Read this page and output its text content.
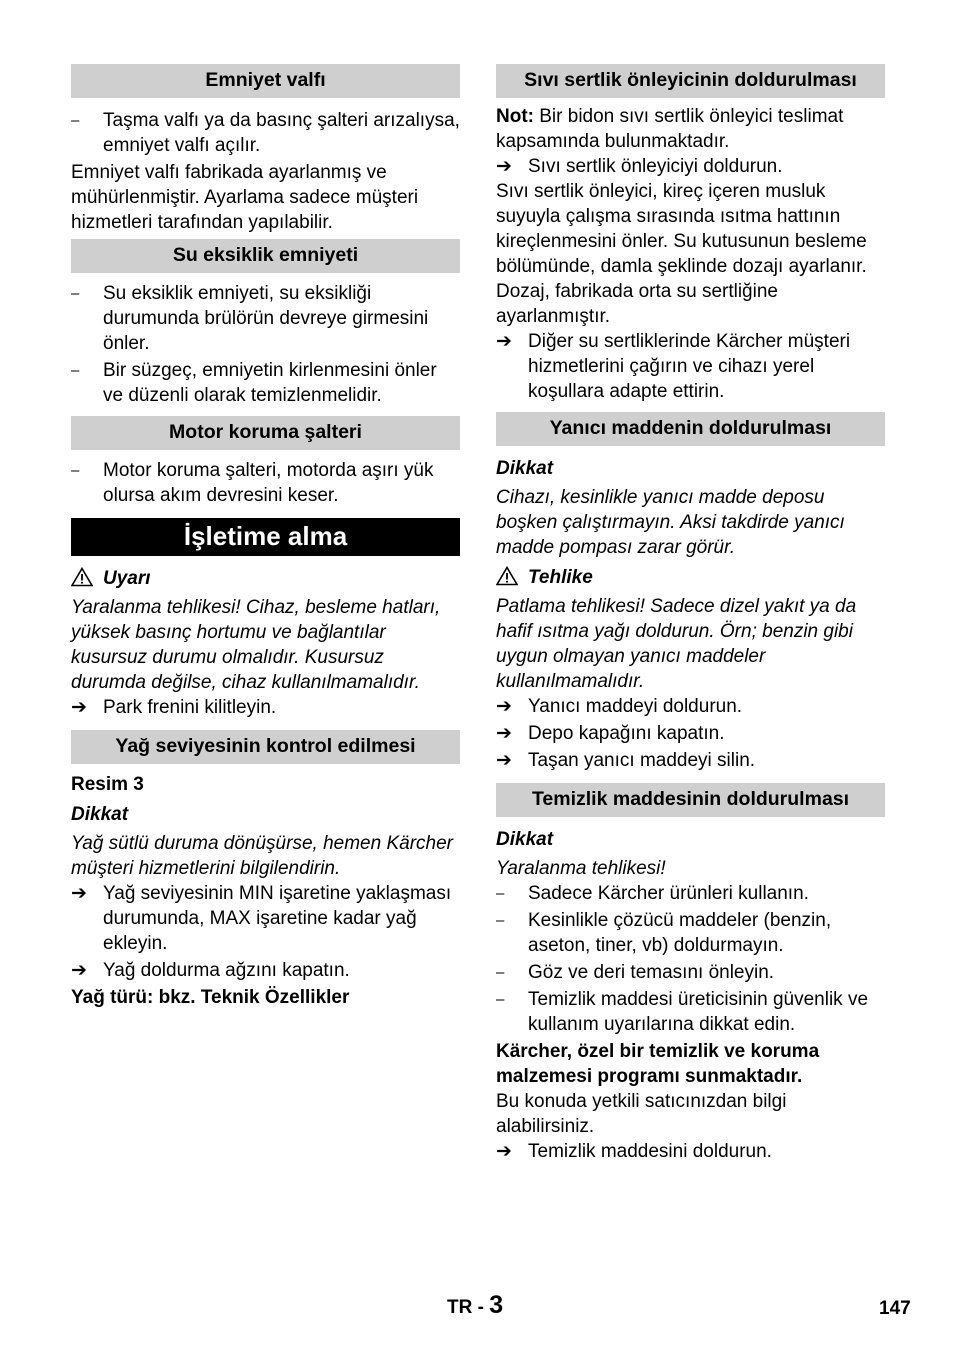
Emniyet valfı

– Taşma valfı ya da basınç şalteri arızalıysa, emniyet valfı açılır.

Emniyet valfı fabrikada ayarlanmış ve mühürlenmiştir. Ayarlama sadece müşteri hizmetleri tarafından yapılabilir.

Su eksiklik emniyeti

– Su eksiklik emniyeti, su eksikliği durumunda brülörün devreye girmesini önler.

– Bir süzgeç, emniyetin kirlenmesini önler ve düzenli olarak temizlenmelidir.

Motor koruma şalteri

– Motor koruma şalteri, motorda aşırı yük olursa akım devresini keser.

İşletime alma

Uyarı

Yaralanma tehlikesi! Cihaz, besleme hatları, yüksek basınç hortumu ve bağlantılar kusursuz durumu olmalıdır. Kusursuz durumda değilse, cihaz kullanılmamalıdır.

➔ Park frenini kilitleyin.

Yağ seviyesinin kontrol edilmesi

Resim 3

Dikkat

Yağ sütlü duruma dönüşürse, hemen Kärcher müşteri hizmetlerini bilgilendirin.

➔ Yağ seviyesinin MIN işaretine yaklaşması durumunda, MAX işaretine kadar yağ ekleyin.

➔ Yağ doldurma ağzını kapatın.

Yağ türü: bkz. Teknik Özellikler

Sıvı sertlik önleyicinin doldurulması

Not: Bir bidon sıvı sertlik önleyici teslimat kapsamında bulunmaktadır.

➔ Sıvı sertlik önleyiciyi doldurun.

Sıvı sertlik önleyici, kireç içeren musluk suyuyla çalışma sırasında ısıtma hattının kireçlenmesini önler. Su kutusunun besleme bölümünde, damla şeklinde dozajı ayarlanır.

Dozaj, fabrikada orta su sertliğine ayarlanmıştır.

➔ Diğer su sertliklerinde Kärcher müşteri hizmetlerini çağırın ve cihazı yerel koşullara adapte ettirin.

Yanıcı maddenin doldurulması

Dikkat

Cihazı, kesinlikle yanıcı madde deposu boşken çalıştırmayın. Aksi takdirde yanıcı madde pompası zarar görür.

Tehlike

Patlama tehlikesi! Sadece dizel yakıt ya da hafif ısıtma yağı doldurun. Örn; benzin gibi uygun olmayan yanıcı maddeler kullanılmamalıdır.

➔ Yanıcı maddeyi doldurun.

➔ Depo kapağını kapatın.

➔ Taşan yanıcı maddeyi silin.

Temizlik maddesinin doldurulması

Dikkat

Yaralanma tehlikesi!

– Sadece Kärcher ürünleri kullanın.

– Kesinlikle çözücü maddeler (benzin, aseton, tiner, vb) doldurmayın.

– Göz ve deri temasını önleyin.

– Temizlik maddesi üreticisinin güvenlik ve kullanım uyarılarına dikkat edin.

Kärcher, özel bir temizlik ve koruma malzemesi programı sunmaktadır.

Bu konuda yetkili satıcınızdan bilgi alabilirsiniz.

➔ Temizlik maddesini doldurun.

TR - 3	147
